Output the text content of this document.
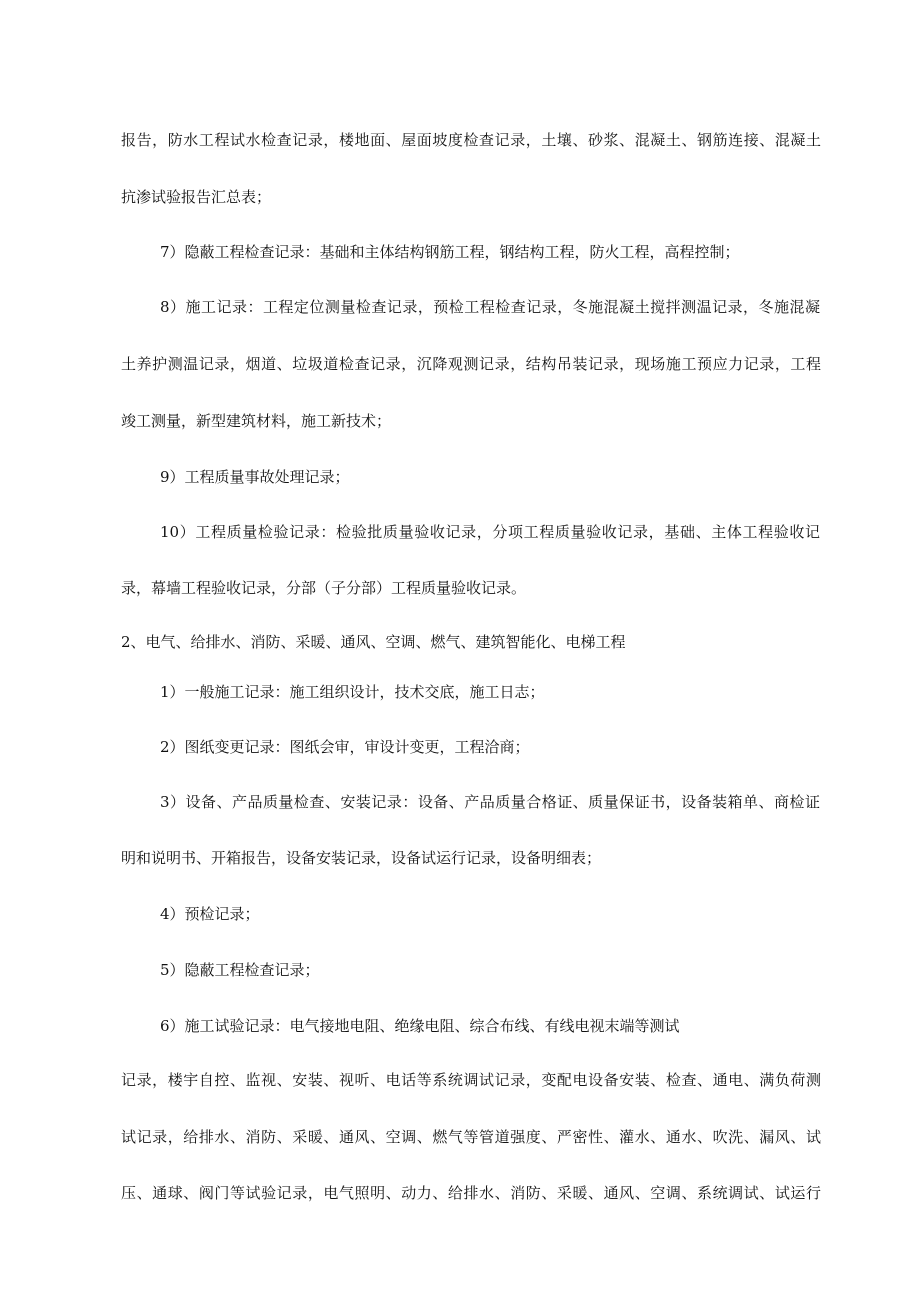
报告，防水工程试水检查记录，楼地面、屋面坡度检查记录，土壤、砂浆、混凝土、钢筋连接、混凝土
抗渗试验报告汇总表；
7）隐蔽工程检查记录：基础和主体结构钢筋工程，钢结构工程，防火工程，高程控制；
8）施工记录：工程定位测量检查记录，预检工程检查记录，冬施混凝土搅拌测温记录，冬施混凝
土养护测温记录，烟道、垃圾道检查记录，沉降观测记录，结构吊装记录，现场施工预应力记录，工程
竣工测量，新型建筑材料，施工新技术；
9）工程质量事故处理记录；
10）工程质量检验记录：检验批质量验收记录，分项工程质量验收记录，基础、主体工程验收记
录，幕墙工程验收记录，分部（子分部）工程质量验收记录。
2、电气、给排水、消防、采暖、通风、空调、燃气、建筑智能化、电梯工程
1）一般施工记录：施工组织设计，技术交底，施工日志；
2）图纸变更记录：图纸会审，审设计变更，工程洽商；
3）设备、产品质量检查、安装记录：设备、产品质量合格证、质量保证书，设备装箱单、商检证
明和说明书、开箱报告，设备安装记录，设备试运行记录，设备明细表；
4）预检记录；
5）隐蔽工程检查记录；
6）施工试验记录：电气接地电阻、绝缘电阻、综合布线、有线电视末端等测试
记录，楼宇自控、监视、安装、视听、电话等系统调试记录，变配电设备安装、检查、通电、满负荷测
试记录，给排水、消防、采暖、通风、空调、燃气等管道强度、严密性、灌水、通水、吹洗、漏风、试
压、通球、阀门等试验记录，电气照明、动力、给排水、消防、采暖、通风、空调、系统调试、试运行
